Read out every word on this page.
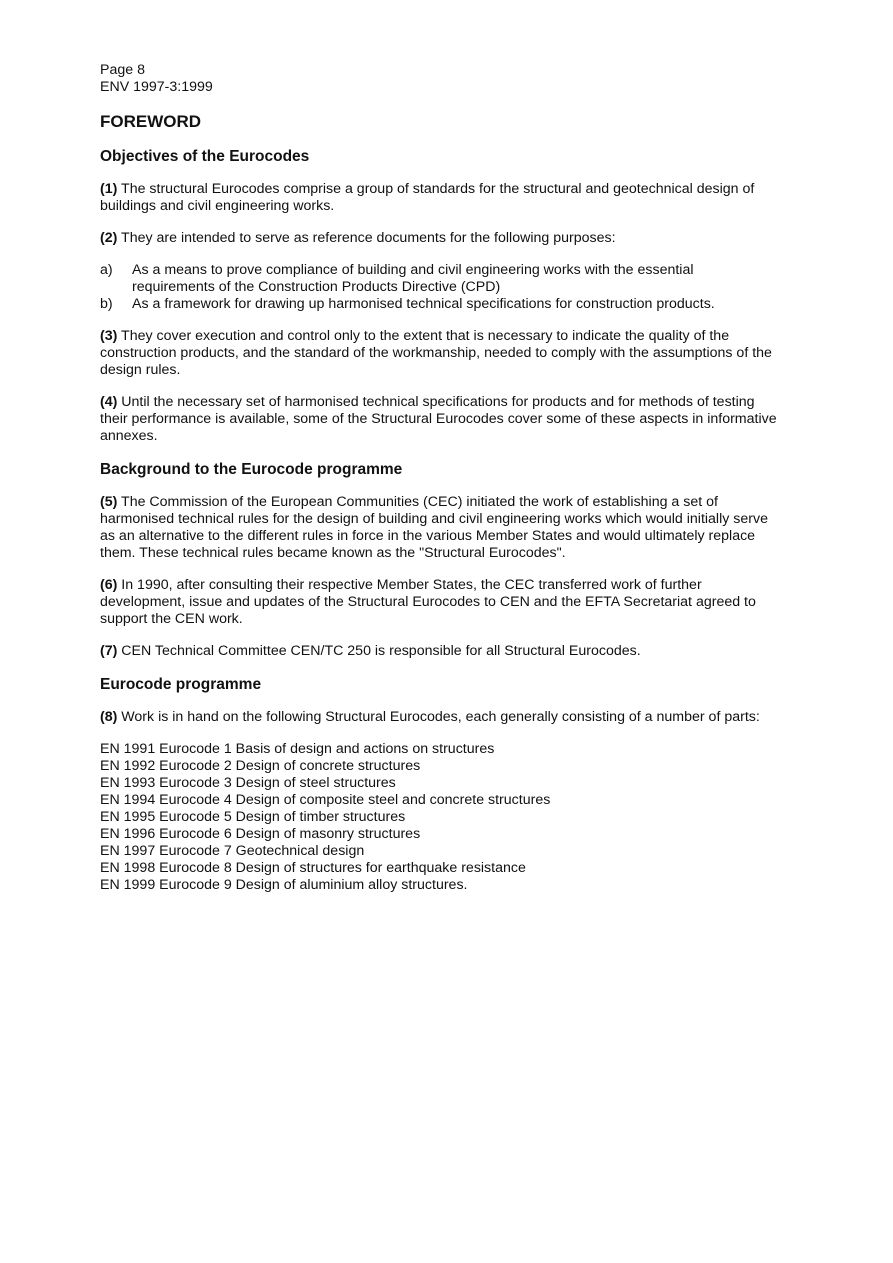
Page 8

ENV 1997-3:1999

FOREWORD
Objectives of the Eurocodes

(1) The structural Eurocodes comprise a group of standards for the structural and geotechnical design of buildings and civil engineering works.

(2) They are intended to serve as reference documents for the following purposes:

a)	As a means to prove compliance of building and civil engineering works with the essential requirements of the Construction Products Directive (CPD)
b)	As a framework for drawing up harmonised technical specifications for construction products.

(3) They cover execution and control only to the extent that is necessary to indicate the quality of the construction products, and the standard of the workmanship, needed to comply with the assumptions of the design rules.

(4) Until the necessary set of harmonised technical specifications for products and for methods of testing their performance is available, some of the Structural Eurocodes cover some of these aspects in informative annexes.

Background to the Eurocode programme

(5) The Commission of the European Communities (CEC) initiated the work of establishing a set of harmonised technical rules for the design of building and civil engineering works which would initially serve as an alternative to the different rules in force in the various Member States and would ultimately replace them. These technical rules became known as the "Structural Eurocodes".

(6) In 1990, after consulting their respective Member States, the CEC transferred work of further development, issue and updates of the Structural Eurocodes to CEN and the EFTA Secretariat agreed to support the CEN work.

(7) CEN Technical Committee CEN/TC 250 is responsible for all Structural Eurocodes.

Eurocode programme

(8) Work is in hand on the following Structural Eurocodes, each generally consisting of a number of parts:

EN 1991 Eurocode 1 Basis of design and actions on structures
EN 1992 Eurocode 2 Design of concrete structures
EN 1993 Eurocode 3 Design of steel structures
EN 1994 Eurocode 4 Design of composite steel and concrete structures
EN 1995 Eurocode 5 Design of timber structures
EN 1996 Eurocode 6 Design of masonry structures
EN 1997 Eurocode 7 Geotechnical design
EN 1998 Eurocode 8 Design of structures for earthquake resistance
EN 1999 Eurocode 9 Design of aluminium alloy structures.
